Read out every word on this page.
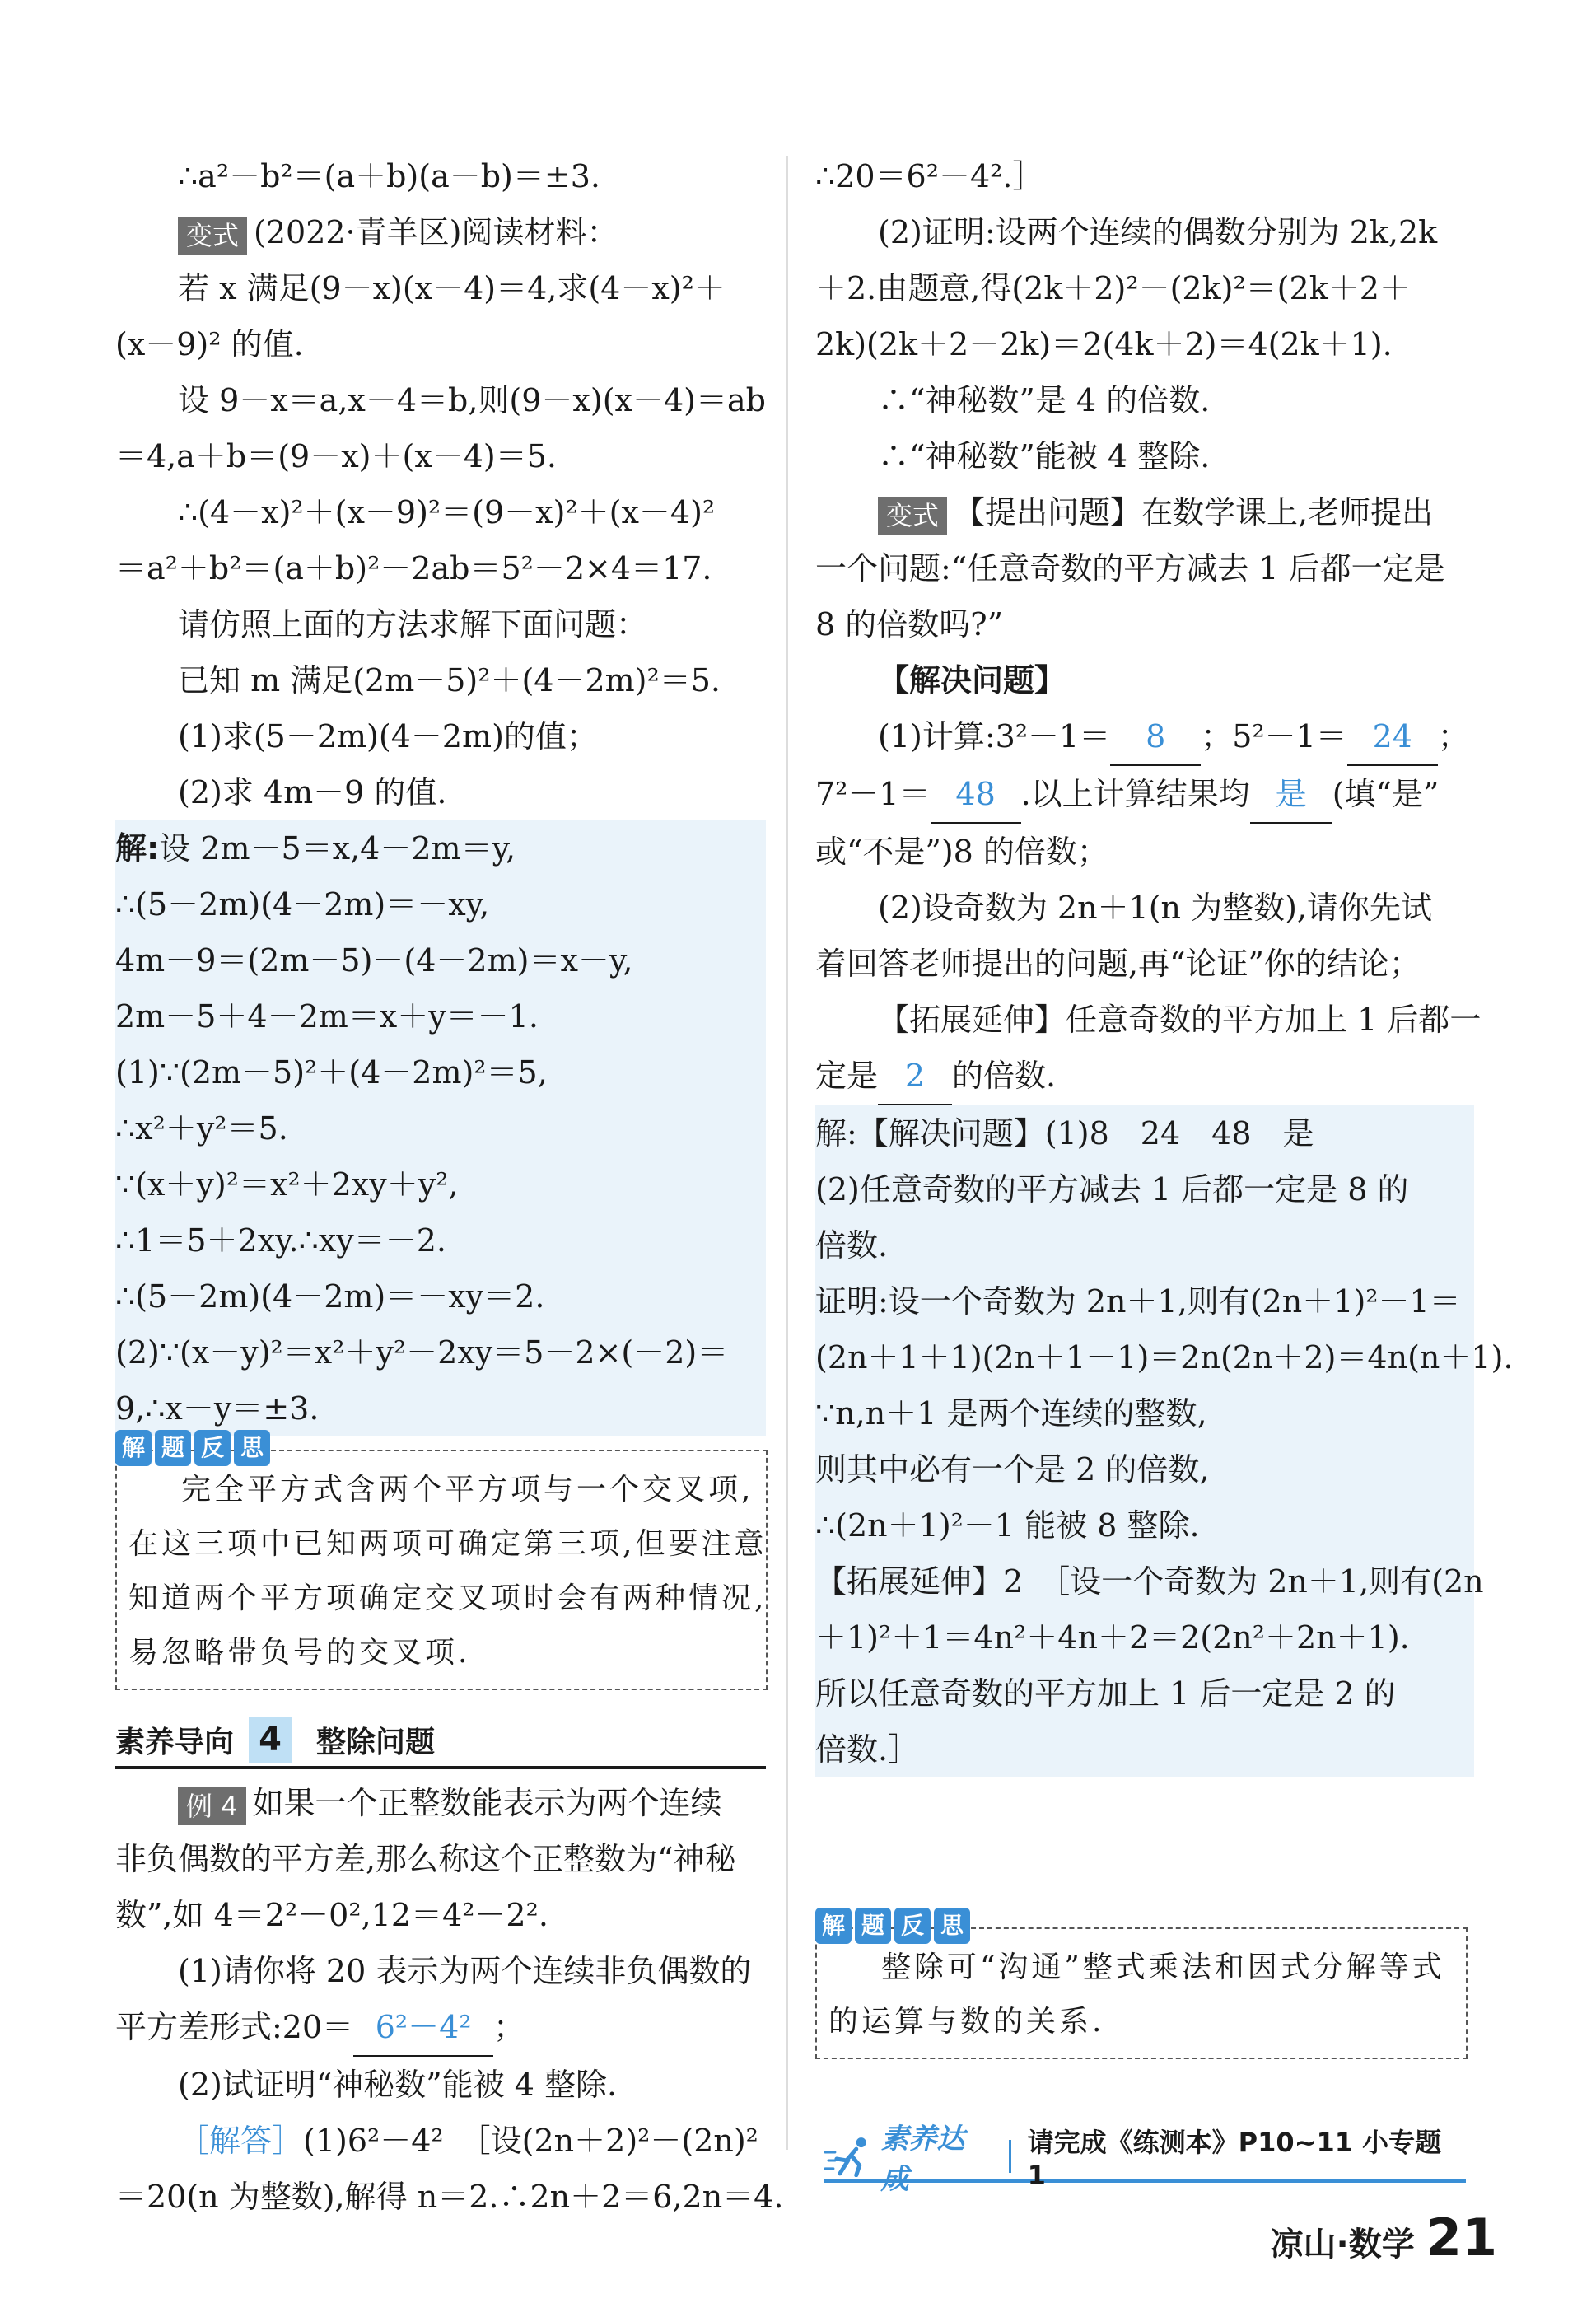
∴a²－b²＝(a＋b)(a－b)＝±3.
变式 (2022·青羊区)阅读材料：
若 x 满足(9－x)(x－4)＝4,求(4－x)²＋
(x－9)² 的值.
设 9－x＝a,x－4＝b,则(9－x)(x－4)＝ab
＝4,a＋b＝(9－x)＋(x－4)＝5.
∴(4－x)²＋(x－9)²＝(9－x)²＋(x－4)²
＝a²＋b²＝(a＋b)²－2ab＝5²－2×4＝17.
请仿照上面的方法求解下面问题：
已知 m 满足(2m－5)²＋(4－2m)²＝5.
(1)求(5－2m)(4－2m)的值；
(2)求 4m－9 的值.
解:设 2m－5＝x,4－2m＝y,
∴(5－2m)(4－2m)＝－xy,
4m－9＝(2m－5)－(4－2m)＝x－y,
2m－5＋4－2m＝x＋y＝－1.
(1)∵(2m－5)²＋(4－2m)²＝5,
∴x²＋y²＝5.
∵(x＋y)²＝x²＋2xy＋y²,
∴1＝5＋2xy.∴xy＝－2.
∴(5－2m)(4－2m)＝－xy＝2.
(2)∵(x－y)²＝x²＋y²－2xy＝5－2×(－2)＝
9,∴x－y＝±3.
解 题 反 思
完全平方式含两个平方项与一个交叉项,
在这三项中已知两项可确定第三项,但要注意
知道两个平方项确定交叉项时会有两种情况,
易忽略带负号的交叉项.
素养导向 4	整除问题
例 4 如果一个正整数能表示为两个连续
非负偶数的平方差,那么称这个正整数为“神秘
数”,如 4＝2²－0²,12＝4²－2².
(1)请你将 20 表示为两个连续非负偶数的
平方差形式:20＝ 6²－4² ；
(2)试证明“神秘数”能被 4 整除.
［解答］(1)6²－4²　［设(2n＋2)²－(2n)²
＝20(n 为整数),解得 n＝2.∴2n＋2＝6,2n＝4.
∴20＝6²－4².］
(2)证明:设两个连续的偶数分别为 2k,2k
＋2.由题意,得(2k＋2)²－(2k)²＝(2k＋2＋
2k)(2k＋2－2k)＝2(4k＋2)＝4(2k＋1).
∴“神秘数”是 4 的倍数.
∴“神秘数”能被 4 整除.
变式 【提出问题】在数学课上,老师提出
一个问题:“任意奇数的平方减去 1 后都一定是
8 的倍数吗?”
【解决问题】
(1)计算:3²－1＝ 8 ；5²－1＝ 24 ；
7²－1＝ 48 .以上计算结果均 是 (填“是”
或“不是”)8 的倍数；
(2)设奇数为 2n＋1(n 为整数),请你先试
着回答老师提出的问题,再“论证”你的结论；
【拓展延伸】任意奇数的平方加上 1 后都一
定是 2 的倍数.
解:【解决问题】(1)8　24　48　是
(2)任意奇数的平方减去 1 后都一定是 8 的
倍数.
证明:设一个奇数为 2n＋1,则有(2n＋1)²－1＝
(2n＋1＋1)(2n＋1－1)＝2n(2n＋2)＝4n(n＋1).
∵n,n＋1 是两个连续的整数,
则其中必有一个是 2 的倍数,
∴(2n＋1)²－1 能被 8 整除.
【拓展延伸】2　［设一个奇数为 2n＋1,则有(2n
＋1)²＋1＝4n²＋4n＋2＝2(2n²＋2n＋1).
所以任意奇数的平方加上 1 后一定是 2 的
倍数.］
解 题 反 思
整除可“沟通”整式乘法和因式分解等式
的运算与数的关系.
素养达成
请完成《练测本》P10~11 小专题 1
凉山·数学 21
